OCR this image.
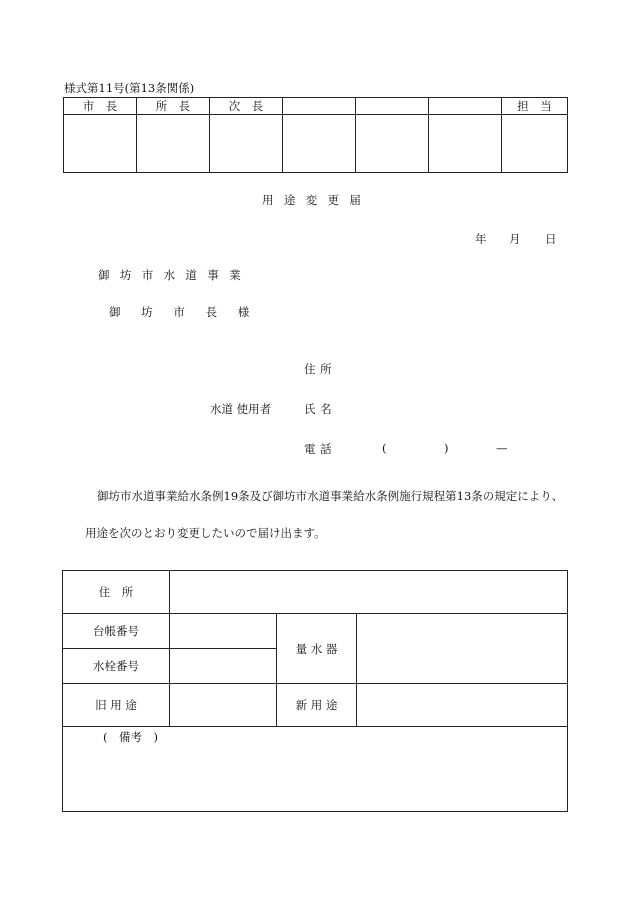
様式第11号(第13条関係)
市　長	所　長	次　長				担　当

用途変更届
年 月 日
御坊市水道事業
御坊市長様
住所
水道 使用者	氏名
電話	(	)	—
御坊市水道事業給水条例19条及び御坊市水道事業給水条例施行規程第13条の規定により、
用途を次のとおり変更したいので届け出ます。
住　所			
台帳番号		量 水 器	
水栓番号			
旧 用 途		新 用 途	
(　備考　)			
